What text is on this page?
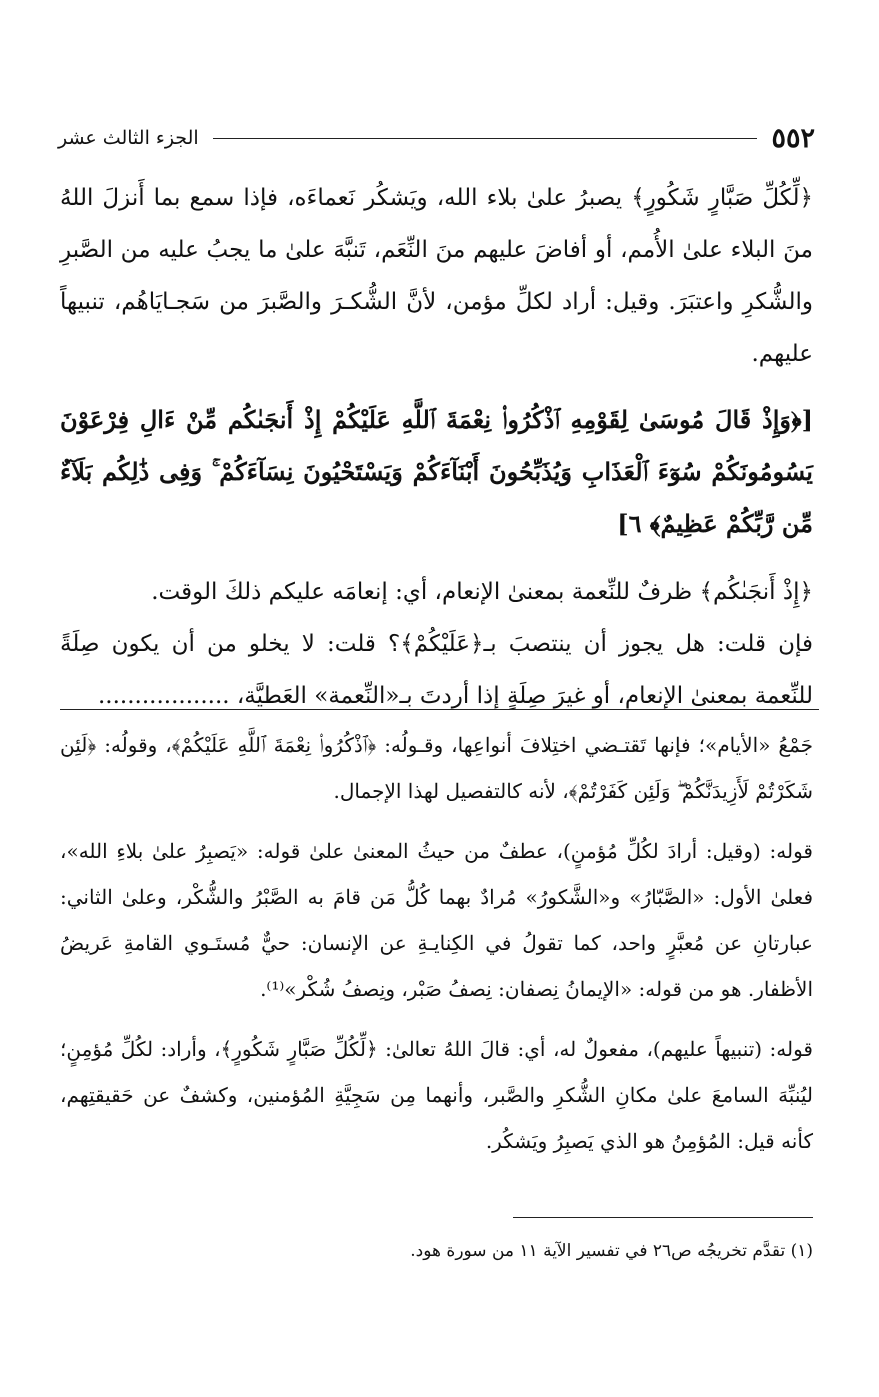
٥٥٢
الجزء الثالث عشر

﴿لِّكُلِّ صَبَّارٍ شَكُورٍ﴾ يصبرُ علىٰ بلاء الله، ويَشكُر نَعماءَه، فإذا سمع بما أَنزلَ اللهُ منَ البلاء علىٰ الأُمم، أو أفاضَ عليهم منَ النِّعَم، تَنبَّهَ علىٰ ما يجبُ عليه من الصَّبرِ والشُّكرِ واعتبَرَ. وقيل: أراد لكلِّ مؤمن، لأنَّ الشُّكـرَ والصَّبرَ من سَجـايَاهُم، تنبيهاً عليهم.

[﴿وَإِذْ قَالَ مُوسَىٰ لِقَوْمِهِ ٱذْكُرُوا۟ نِعْمَةَ ٱللَّهِ عَلَيْكُمْ إِذْ أَنجَىٰكُم مِّنْ ءَالِ فِرْعَوْنَ يَسُومُونَكُمْ سُوٓءَ ٱلْعَذَابِ وَيُذَبِّحُونَ أَبْنَآءَكُمْ وَيَسْتَحْيُونَ نِسَآءَكُمْ ۚ وَفِى ذَٰلِكُم بَلَآءٌ مِّن رَّبِّكُمْ عَظِيمٌ﴾ ٦]

﴿إِذْ أَنجَىٰكُم﴾ ظرفٌ للنِّعمة بمعنىٰ الإنعام، أي: إنعامَه عليكم ذلكَ الوقت.

فإن قلت: هل يجوز أن ينتصبَ بـ﴿عَلَيْكُمْ﴾؟ قلت: لا يخلو من أن يكون صِلَةً للنِّعمة بمعنىٰ الإنعام، أو غيرَ صِلَةٍ إذا أردتَ بـ«النِّعمة» العَطيَّة، ..................

جَمْعُ «الأيام»؛ فإنها تَقتـضي اختِلافَ أنواعِها، وقـولُه: ﴿ٱذْكُرُوا۟ نِعْمَةَ ٱللَّهِ عَلَيْكُمْ﴾، وقولُه: ﴿لَئِن شَكَرْتُمْ لَأَزِيدَنَّكُمْ ۖ وَلَئِن كَفَرْتُمْ﴾، لأنه كالتفصيل لهذا الإجمال.

قوله: (وقيل: أرادَ لكُلِّ مُؤمنٍ)، عطفٌ من حيثُ المعنىٰ علىٰ قوله: «يَصبِرُ علىٰ بلاءِ الله»، فعلىٰ الأول: «الصَّبّارُ» و«الشَّكورُ» مُرادٌ بهما كُلُّ مَن قامَ به الصَّبْرُ والشُّكْر، وعلىٰ الثاني: عبارتانِ عن مُعبَّرٍ واحد، كما تقولُ في الكِنايـةِ عن الإنسان: حيٌّ مُستَـوي القامةِ عَريضُ الأظفار. هو من قوله: «الإيمانُ نِصفان: نِصفُ صَبْر، ونِصفُ شُكْر»⁽¹⁾.

قوله: (تنبيهاً عليهم)، مفعولٌ له، أي: قالَ اللهُ تعالىٰ: ﴿لِّكُلِّ صَبَّارٍ شَكُورٍ﴾، وأراد: لكُلِّ مُؤمِنٍ؛ ليُنبِّهَ السامعَ علىٰ مكانِ الشُّكرِ والصَّبر، وأنهما مِن سَجِيَّةِ المُؤمنين، وكشفٌ عن حَقيقتِهم، كأنه قيل: المُؤمِنُ هو الذي يَصبِرُ ويَشكُر.

(١) تقدَّم تخريجُه ص٢٦ في تفسير الآية ١١ من سورة هود.
